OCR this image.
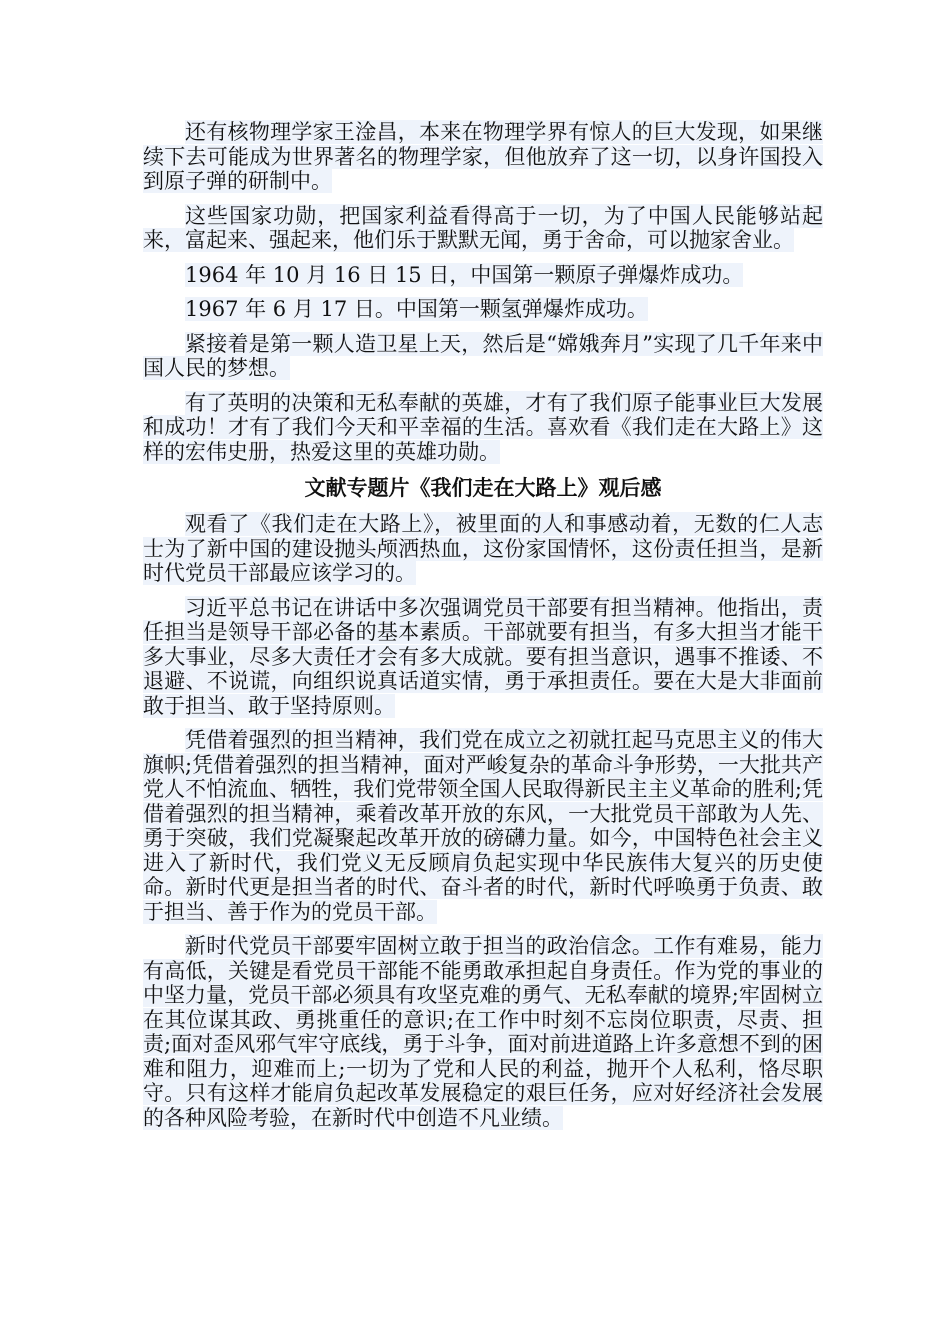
还有核物理学家王淦昌，本来在物理学界有惊人的巨大发现，如果继续下去可能成为世界著名的物理学家，但他放弃了这一切，以身许国投入到原子弹的研制中。

这些国家功勋，把国家利益看得高于一切，为了中国人民能够站起来，富起来、强起来，他们乐于默默无闻，勇于舍命，可以抛家舍业。

1964 年 10 月 16 日 15 日，中国第一颗原子弹爆炸成功。

1967 年 6 月 17 日。中国第一颗氢弹爆炸成功。

紧接着是第一颗人造卫星上天，然后是“嫦娥奔月”实现了几千年来中国人民的梦想。

有了英明的决策和无私奉献的英雄，才有了我们原子能事业巨大发展和成功！才有了我们今天和平幸福的生活。喜欢看《我们走在大路上》这样的宏伟史册，热爱这里的英雄功勋。

文献专题片《我们走在大路上》观后感

观看了《我们走在大路上》，被里面的人和事感动着，无数的仁人志士为了新中国的建设抛头颅洒热血，这份家国情怀，这份责任担当，是新时代党员干部最应该学习的。

习近平总书记在讲话中多次强调党员干部要有担当精神。他指出，责任担当是领导干部必备的基本素质。干部就要有担当，有多大担当才能干多大事业，尽多大责任才会有多大成就。要有担当意识，遇事不推诿、不退避、不说谎，向组织说真话道实情，勇于承担责任。要在大是大非面前敢于担当、敢于坚持原则。

凭借着强烈的担当精神，我们党在成立之初就扛起马克思主义的伟大旗帜;凭借着强烈的担当精神，面对严峻复杂的革命斗争形势，一大批共产党人不怕流血、牺牲，我们党带领全国人民取得新民主主义革命的胜利;凭借着强烈的担当精神，乘着改革开放的东风，一大批党员干部敢为人先、勇于突破，我们党凝聚起改革开放的磅礴力量。如今，中国特色社会主义进入了新时代，我们党义无反顾肩负起实现中华民族伟大复兴的历史使命。新时代更是担当者的时代、奋斗者的时代，新时代呼唤勇于负责、敢于担当、善于作为的党员干部。

新时代党员干部要牢固树立敢于担当的政治信念。工作有难易，能力有高低，关键是看党员干部能不能勇敢承担起自身责任。作为党的事业的中坚力量，党员干部必须具有攻坚克难的勇气、无私奉献的境界;牢固树立在其位谋其政、勇挑重任的意识;在工作中时刻不忘岗位职责，尽责、担责;面对歪风邪气牢守底线，勇于斗争，面对前进道路上许多意想不到的困难和阻力，迎难而上;一切为了党和人民的利益，抛开个人私利，恪尽职守。只有这样才能肩负起改革发展稳定的艰巨任务，应对好经济社会发展的各种风险考验，在新时代中创造不凡业绩。
